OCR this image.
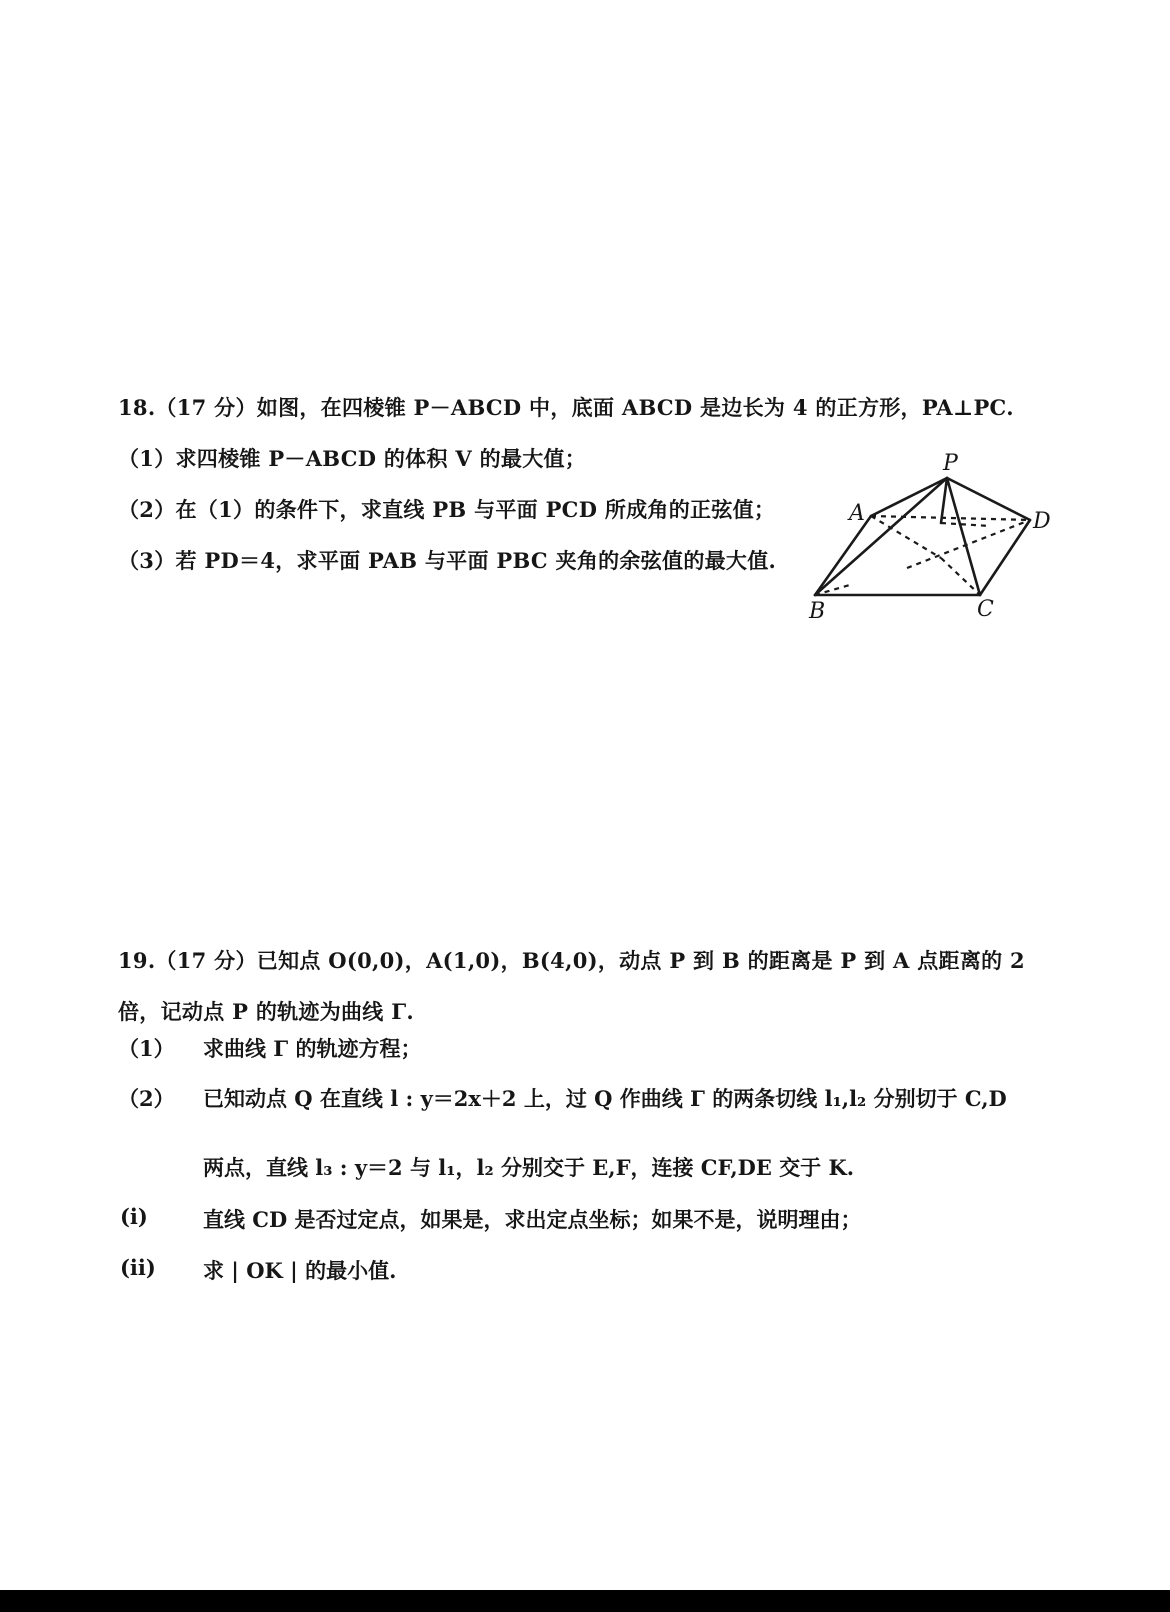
18.（17 分）如图，在四棱锥 P－ABCD 中，底面 ABCD 是边长为 4 的正方形，PA⊥PC.
（1）求四棱锥 P－ABCD 的体积 V 的最大值；
（2）在（1）的条件下，求直线 PB 与平面 PCD 所成角的正弦值；
（3）若 PD＝4，求平面 PAB 与平面 PBC 夹角的余弦值的最大值.
P
A	D
B	C
19.（17 分）已知点 O(0,0)，A(1,0)，B(4,0)，动点 P 到 B 的距离是 P 到 A 点距离的 2
倍，记动点 P 的轨迹为曲线 Γ.
（1） 求曲线 Γ 的轨迹方程；
（2） 已知动点 Q 在直线 l : y＝2x＋2 上，过 Q 作曲线 Γ 的两条切线 l₁,l₂ 分别切于 C,D
两点，直线 l₃ : y＝2 与 l₁，l₂ 分别交于 E,F，连接 CF,DE 交于 K.
(i)	直线 CD 是否过定点，如果是，求出定点坐标；如果不是，说明理由；
(ii) 求 | OK | 的最小值.
